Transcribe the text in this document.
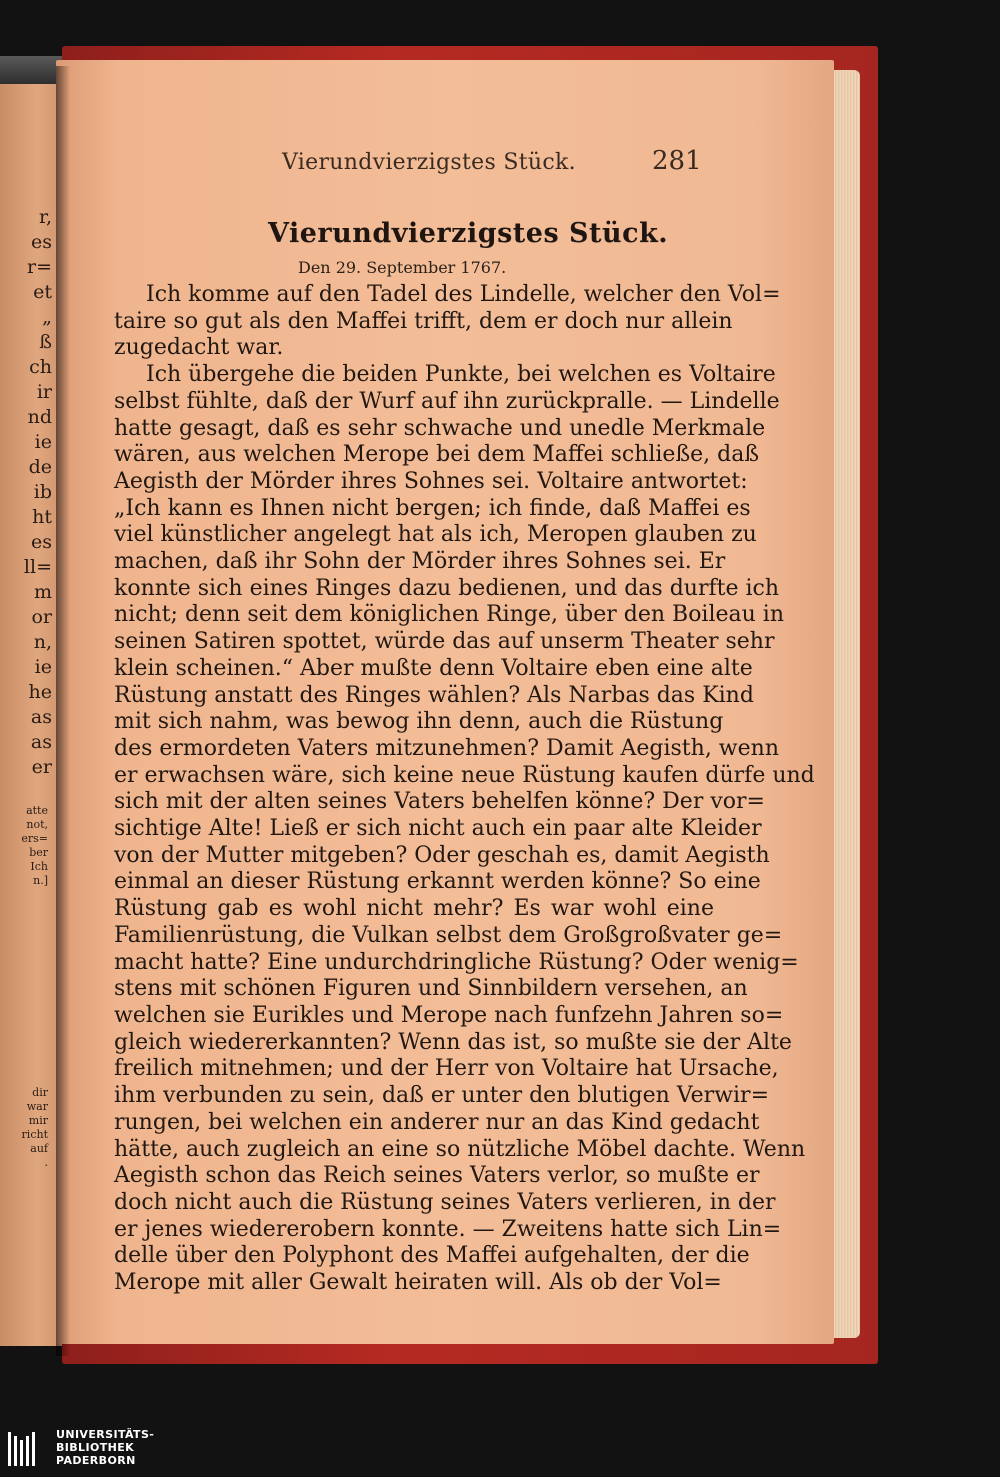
r,
es
r=
et
„
ß
ch
ir
nd
ie
de
ib
ht
es
ll=
m
or
n,
ie
he
as
as
er
atte
not,
ers=
ber
Ich
n.]
dir
war
mir
richt
auf
.
Vierundvierzigstes Stück.	281
Vierundvierzigstes Stück.
Den 29. September 1767.
Ich komme auf den Tadel des Lindelle, welcher den Vol=
taire so gut als den Maffei trifft, dem er doch nur allein
zugedacht war.
Ich übergehe die beiden Punkte, bei welchen es Voltaire
selbst fühlte, daß der Wurf auf ihn zurückpralle. — Lindelle
hatte gesagt, daß es sehr schwache und unedle Merkmale
wären, aus welchen Merope bei dem Maffei schließe, daß
Aegisth der Mörder ihres Sohnes sei. Voltaire antwortet:
„Ich kann es Ihnen nicht bergen; ich finde, daß Maffei es
viel künstlicher angelegt hat als ich, Meropen glauben zu
machen, daß ihr Sohn der Mörder ihres Sohnes sei. Er
konnte sich eines Ringes dazu bedienen, und das durfte ich
nicht; denn seit dem königlichen Ringe, über den Boileau in
seinen Satiren spottet, würde das auf unserm Theater sehr
klein scheinen.“ Aber mußte denn Voltaire eben eine alte
Rüstung anstatt des Ringes wählen? Als Narbas das Kind
mit sich nahm, was bewog ihn denn, auch die Rüstung
des ermordeten Vaters mitzunehmen? Damit Aegisth, wenn
er erwachsen wäre, sich keine neue Rüstung kaufen dürfe und
sich mit der alten seines Vaters behelfen könne? Der vor=
sichtige Alte! Ließ er sich nicht auch ein paar alte Kleider
von der Mutter mitgeben? Oder geschah es, damit Aegisth
einmal an dieser Rüstung erkannt werden könne? So eine
Rüstung gab es wohl nicht mehr? Es war wohl eine
Familienrüstung, die Vulkan selbst dem Großgroßvater ge=
macht hatte? Eine undurchdringliche Rüstung? Oder wenig=
stens mit schönen Figuren und Sinnbildern versehen, an
welchen sie Eurikles und Merope nach funfzehn Jahren so=
gleich wiedererkannten? Wenn das ist, so mußte sie der Alte
freilich mitnehmen; und der Herr von Voltaire hat Ursache,
ihm verbunden zu sein, daß er unter den blutigen Verwir=
rungen, bei welchen ein anderer nur an das Kind gedacht
hätte, auch zugleich an eine so nützliche Möbel dachte. Wenn
Aegisth schon das Reich seines Vaters verlor, so mußte er
doch nicht auch die Rüstung seines Vaters verlieren, in der
er jenes wiedererobern konnte. — Zweitens hatte sich Lin=
delle über den Polyphont des Maffei aufgehalten, der die
Merope mit aller Gewalt heiraten will. Als ob der Vol=
UNIVERSITÄTS-
BIBLIOTHEK
PADERBORN
